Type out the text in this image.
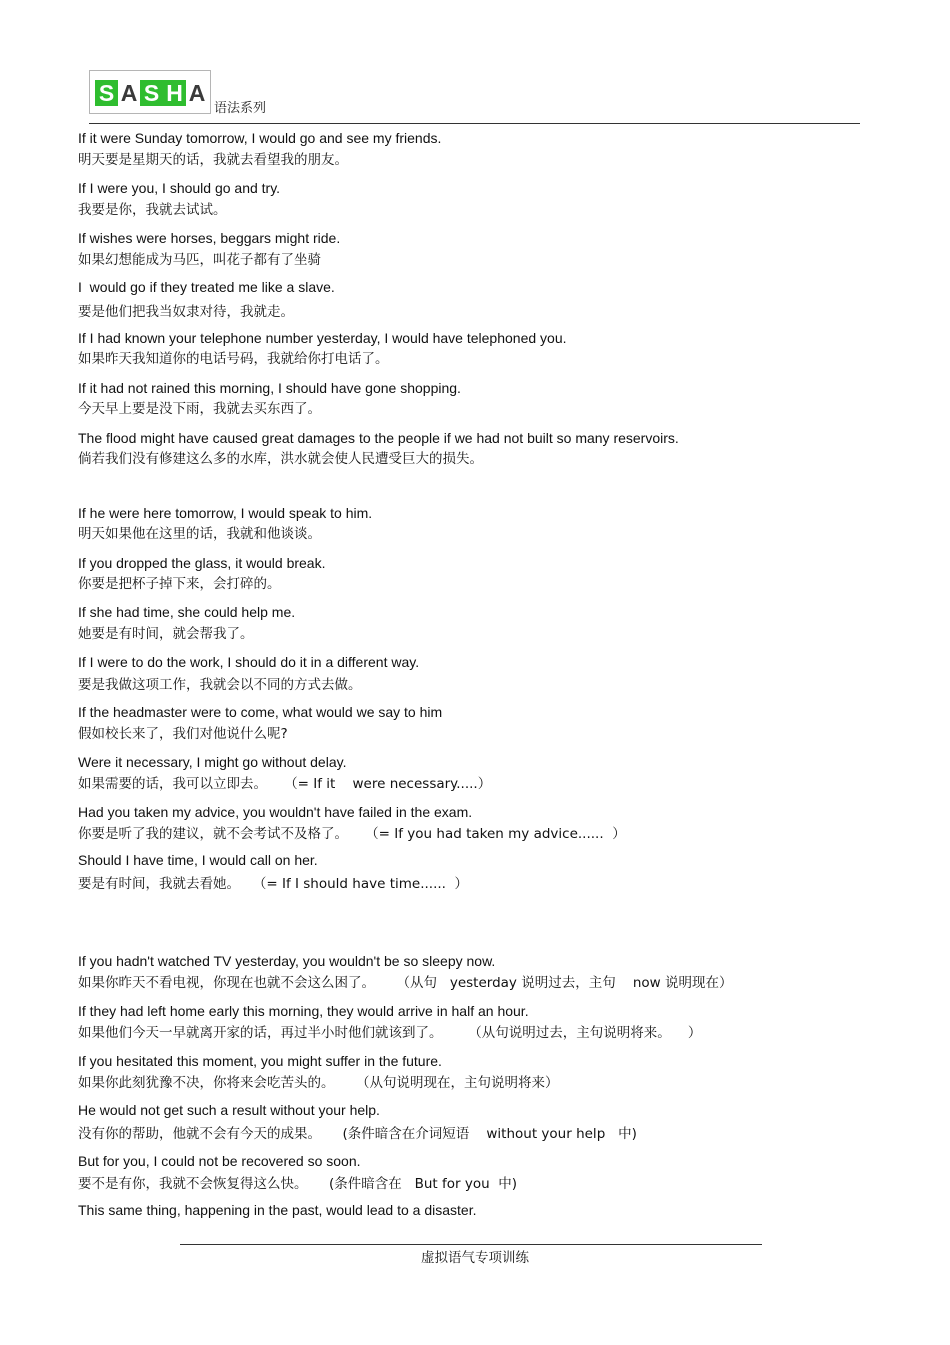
S A S H A
语法系列
If it were Sunday tomorrow, I would go and see my friends.
明天要是星期天的话，我就去看望我的朋友。
If I were you, I should go and try.
我要是你，我就去试试。
If wishes were horses, beggars might ride.
如果幻想能成为马匹，叫花子都有了坐骑
I  would go if they treated me like a slave.
要是他们把我当奴隶对待，我就走。
If I had known your telephone number yesterday, I would have telephoned you.
如果昨天我知道你的电话号码，我就给你打电话了。
If it had not rained this morning, I should have gone shopping.
今天早上要是没下雨，我就去买东西了。
The flood might have caused great damages to the people if we had not built so many reservoirs.
倘若我们没有修建这么多的水库，洪水就会使人民遭受巨大的损失。
If he were here tomorrow, I would speak to him.
明天如果他在这里的话，我就和他谈谈。
If you dropped the glass, it would break.
你要是把杯子掉下来，会打碎的。
If she had time, she could help me.
她要是有时间，就会帮我了。
If I were to do the work, I should do it in a different way.
要是我做这项工作，我就会以不同的方式去做。
If the headmaster were to come, what would we say to him
假如校长来了，我们对他说什么呢?
Were it necessary, I might go without delay.
如果需要的话，我可以立即去。    （= If it    were necessary.....）
Had you taken my advice, you wouldn't have failed in the exam.
你要是听了我的建议，就不会考试不及格了。    （= If you had taken my advice......  ）
Should I have time, I would call on her.
要是有时间，我就去看她。   （= If I should have time......  ）
If you hadn't watched TV yesterday, you wouldn't be so sleepy now.
如果你昨天不看电视，你现在也就不会这么困了。     （从句   yesterday 说明过去，主句    now 说明现在）
If they had left home early this morning, they would arrive in half an hour.
如果他们今天一早就离开家的话，再过半小时他们就该到了。      （从句说明过去，主句说明将来。    ）
If you hesitated this moment, you might suffer in the future.
如果你此刻犹豫不决，你将来会吃苦头的。     （从句说明现在，主句说明将来）
He would not get such a result without your help.
没有你的帮助，他就不会有今天的成果。     (条件暗含在介词短语    without your help   中)
But for you, I could not be recovered so soon.
要不是有你，我就不会恢复得这么快。     (条件暗含在   But for you  中)
This same thing, happening in the past, would lead to a disaster.
虚拟语气专项训练
